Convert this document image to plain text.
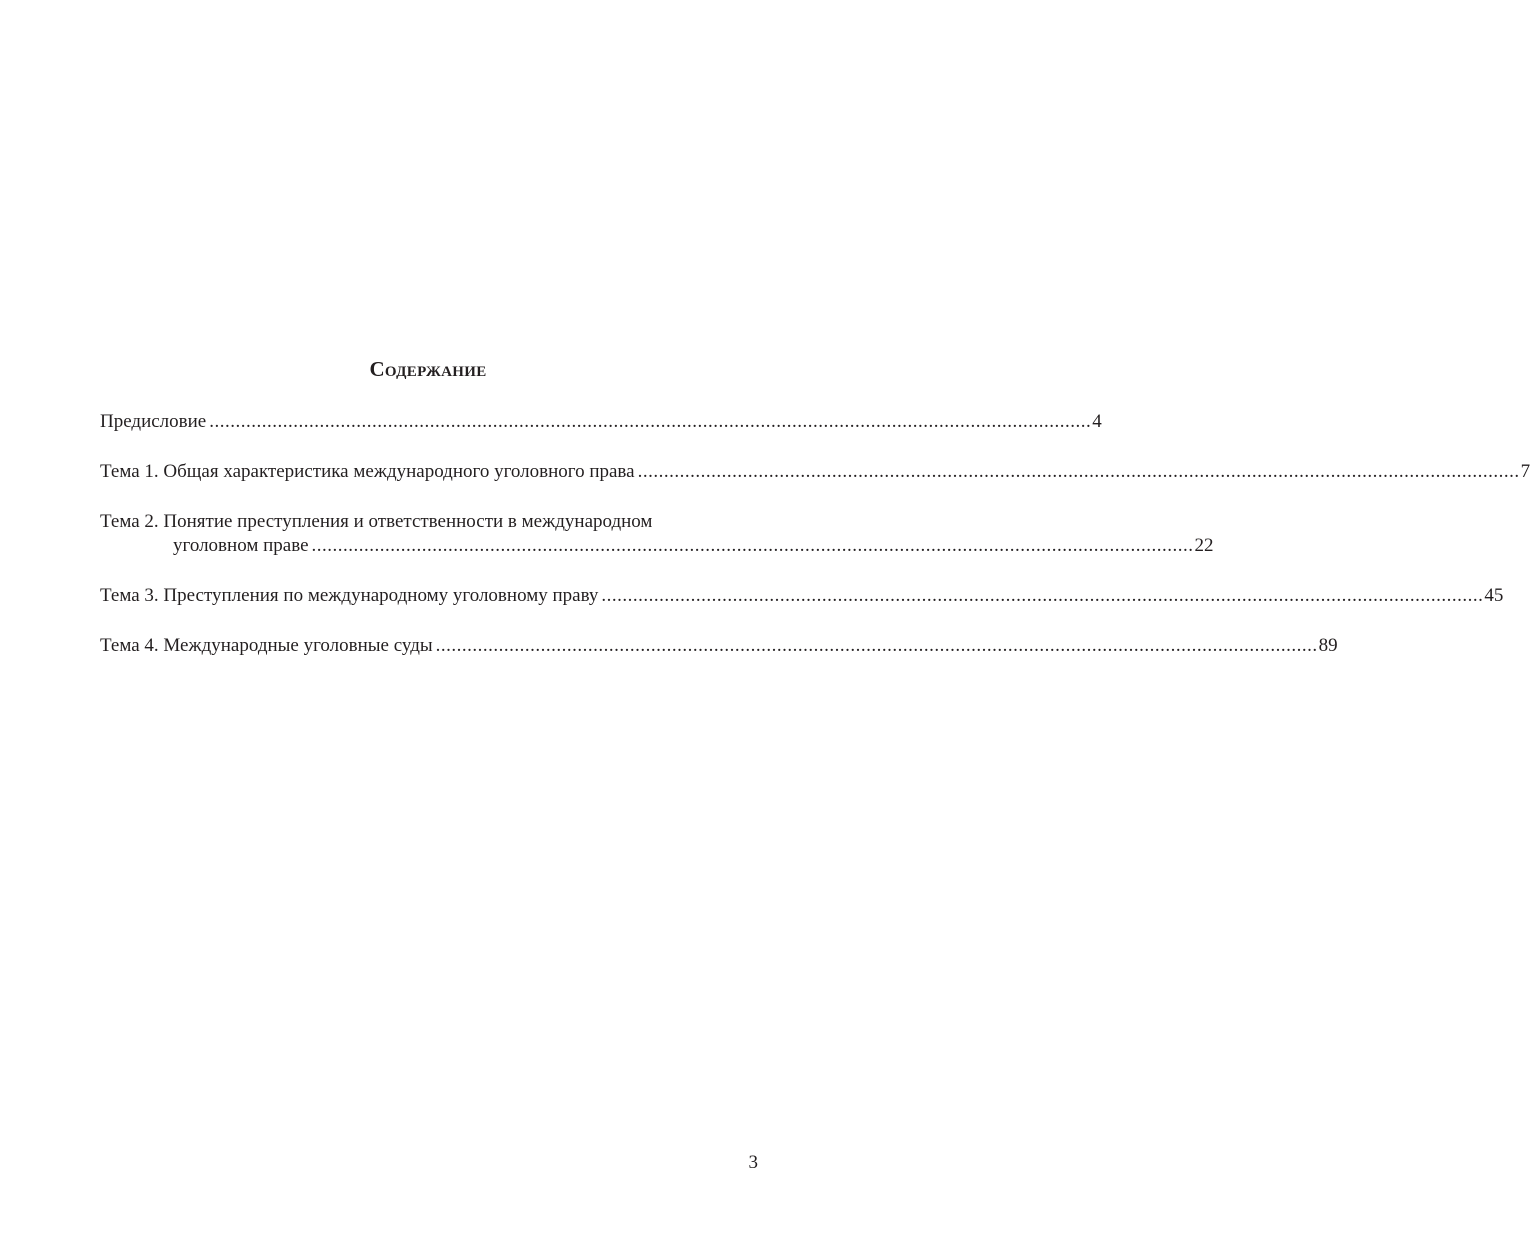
Содержание
Предисловие ........................................................................................................................................................................ 4
Тема 1. Общая характеристика международного уголовного права ........................................................................................................................................................................ 7
Тема 2. Понятие преступления и ответственности в международном
уголовном праве ........................................................................................................................................................................ 22
Тема 3. Преступления по международному уголовному праву ........................................................................................................................................................................ 45
Тема 4. Международные уголовные суды ........................................................................................................................................................................ 89
3
